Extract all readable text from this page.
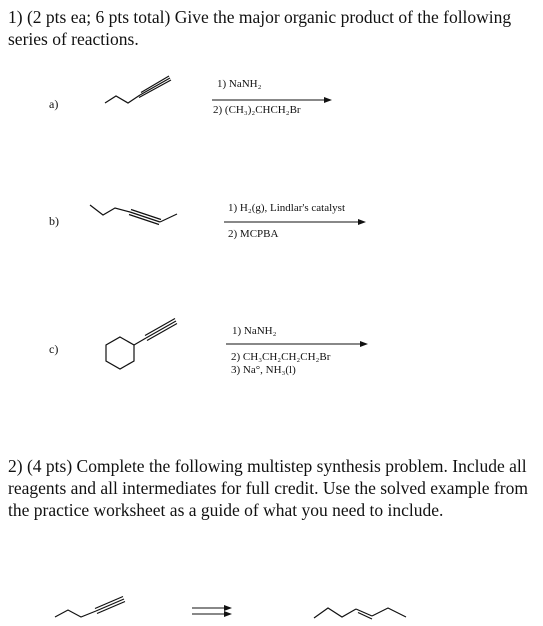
1) (2 pts ea; 6 pts total) Give the major organic product of the following series of reactions.

a)
1) NaNH₂
2) (CH₃)₂CHCH₂Br
b)
1) H₂(g), Lindlar's catalyst
2) MCPBA
c)
1) NaNH₂
2) CH₃CH₂CH₂CH₂Br
3) Na°, NH₃(l)

2) (4 pts) Complete the following multistep synthesis problem. Include all reagents and all intermediates for full credit. Use the solved example from the practice worksheet as a guide of what you need to include.
